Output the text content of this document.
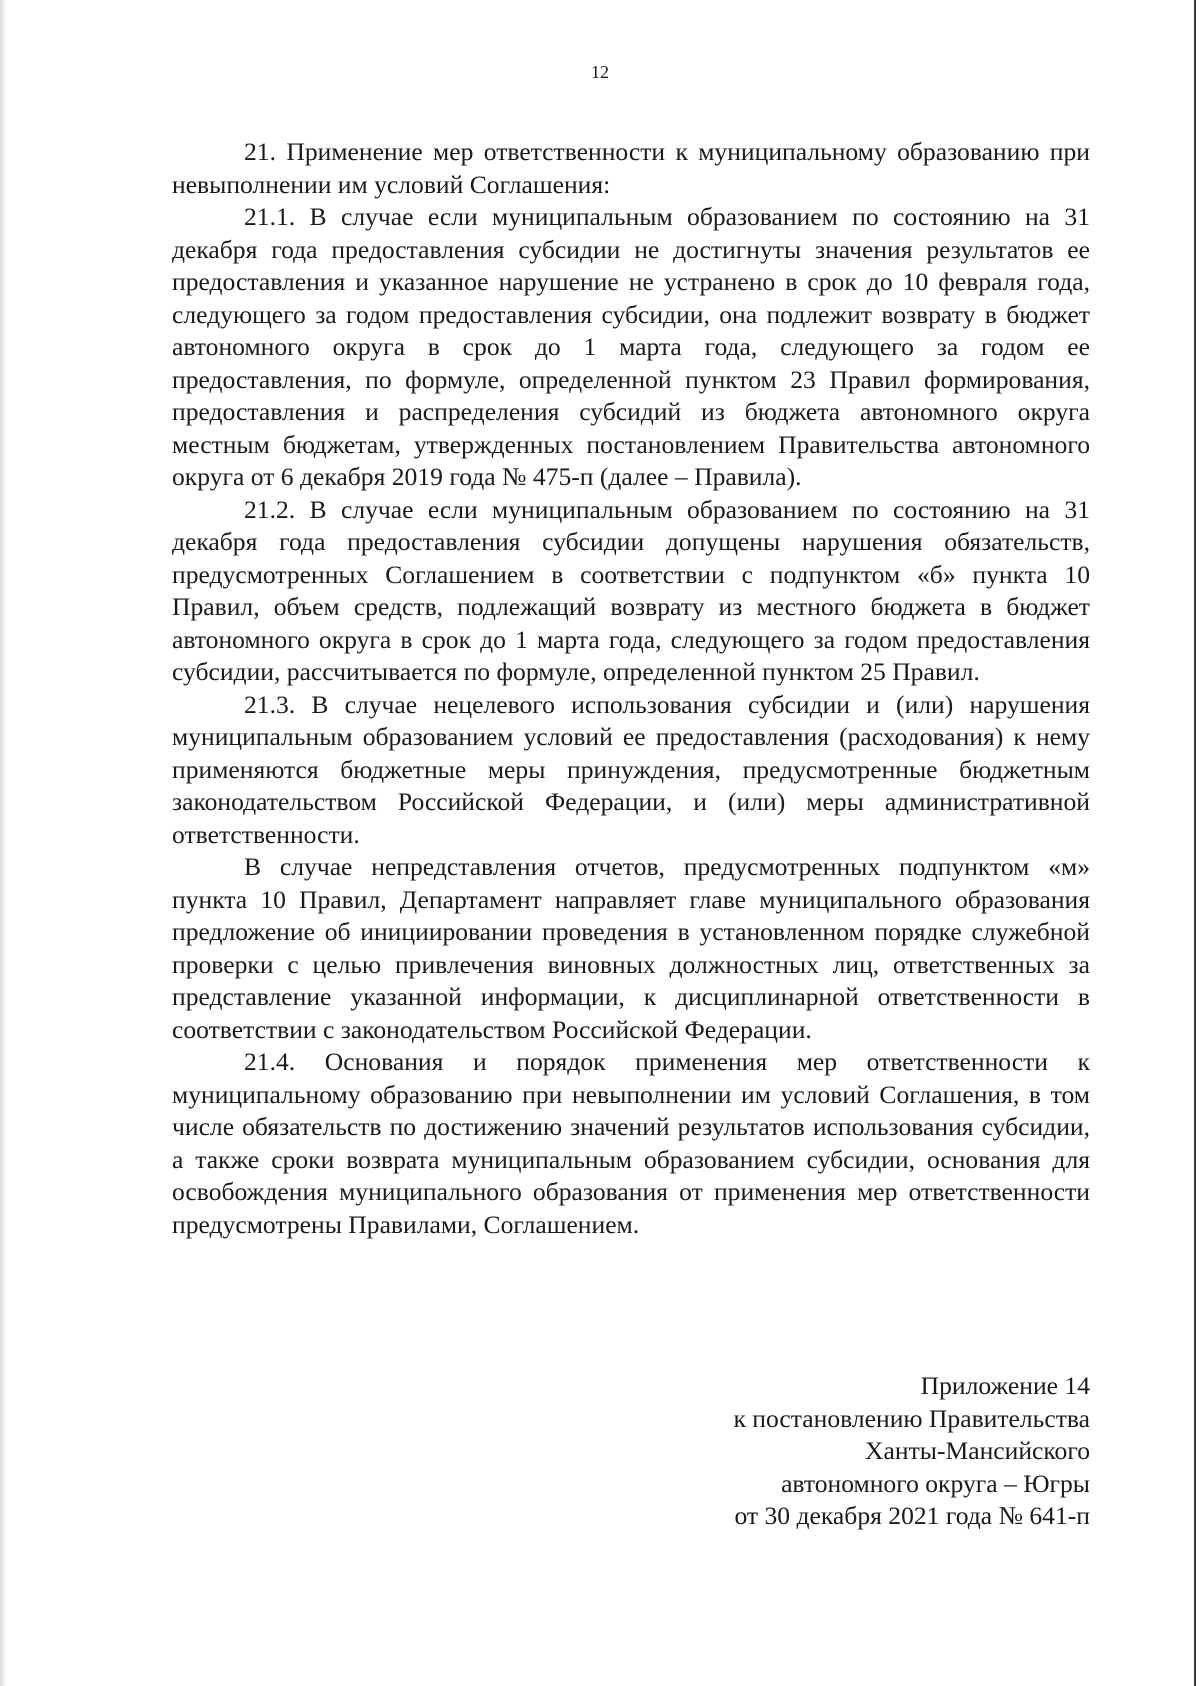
12

21. Применение мер ответственности к муниципальному образованию при невыполнении им условий Соглашения:

21.1. В случае если муниципальным образованием по состоянию на 31 декабря года предоставления субсидии не достигнуты значения результатов ее предоставления и указанное нарушение не устранено в срок до 10 февраля года, следующего за годом предоставления субсидии, она подлежит возврату в бюджет автономного округа в срок до 1 марта года, следующего за годом ее предоставления, по формуле, определенной пунктом 23 Правил формирования, предоставления и распределения субсидий из бюджета автономного округа местным бюджетам, утвержденных постановлением Правительства автономного округа от 6 декабря 2019 года № 475-п (далее – Правила).

21.2. В случае если муниципальным образованием по состоянию на 31 декабря года предоставления субсидии допущены нарушения обязательств, предусмотренных Соглашением в соответствии с подпунктом «б» пункта 10 Правил, объем средств, подлежащий возврату из местного бюджета в бюджет автономного округа в срок до 1 марта года, следующего за годом предоставления субсидии, рассчитывается по формуле, определенной пунктом 25 Правил.

21.3. В случае нецелевого использования субсидии и (или) нарушения муниципальным образованием условий ее предоставления (расходования) к нему применяются бюджетные меры принуждения, предусмотренные бюджетным законодательством Российской Федерации, и (или) меры административной ответственности.

В случае непредставления отчетов, предусмотренных подпунктом «м» пункта 10 Правил, Департамент направляет главе муниципального образования предложение об инициировании проведения в установленном порядке служебной проверки с целью привлечения виновных должностных лиц, ответственных за представление указанной информации, к дисциплинарной ответственности в соответствии с законодательством Российской Федерации.

21.4. Основания и порядок применения мер ответственности к муниципальному образованию при невыполнении им условий Соглашения, в том числе обязательств по достижению значений результатов использования субсидии, а также сроки возврата муниципальным образованием субсидии, основания для освобождения муниципального образования от применения мер ответственности предусмотрены Правилами, Соглашением.

Приложение 14
к постановлению Правительства
Ханты-Мансийского
автономного округа – Югры
от 30 декабря 2021 года № 641-п
